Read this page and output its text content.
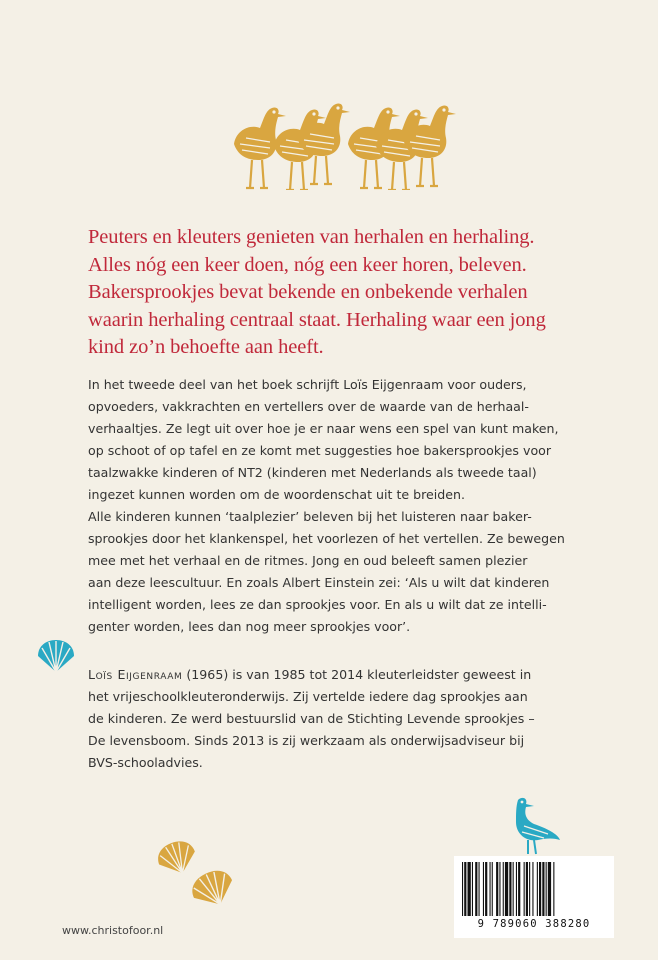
Peuters en kleuters genieten van herhalen en herhaling.
Alles nóg een keer doen, nóg een keer horen, beleven.
Bakersprookjes bevat bekende en onbekende verhalen
waarin herhaling centraal staat. Herhaling waar een jong
kind zo’n behoefte aan heeft.
In het tweede deel van het boek schrijft Loïs Eijgenraam voor ouders,
opvoeders, vakkrachten en vertellers over de waarde van de herhaal-
verhaaltjes. Ze legt uit over hoe je er naar wens een spel van kunt maken,
op schoot of op tafel en ze komt met suggesties hoe bakersprookjes voor
taalzwakke kinderen of NT2 (kinderen met Nederlands als tweede taal)
ingezet kunnen worden om de woordenschat uit te breiden.
Alle kinderen kunnen ‘taalplezier’ beleven bij het luisteren naar baker-
sprookjes door het klankenspel, het voorlezen of het vertellen. Ze bewegen
mee met het verhaal en de ritmes. Jong en oud beleeft samen plezier
aan deze leescultuur. En zoals Albert Einstein zei: ‘Als u wilt dat kinderen
intelligent worden, lees ze dan sprookjes voor. En als u wilt dat ze intelli-
genter worden, lees dan nog meer sprookjes voor’.
Loïs Eijgenraam (1965) is van 1985 tot 2014 kleuterleidster geweest in
het vrijeschoolkleuteronderwijs. Zij vertelde iedere dag sprookjes aan
de kinderen. Ze werd bestuurslid van de Stichting Levende sprookjes –
De levensboom. Sinds 2013 is zij werkzaam als onderwijsadviseur bij
BVS-schooladvies.
9 789060 388280
www.christofoor.nl
